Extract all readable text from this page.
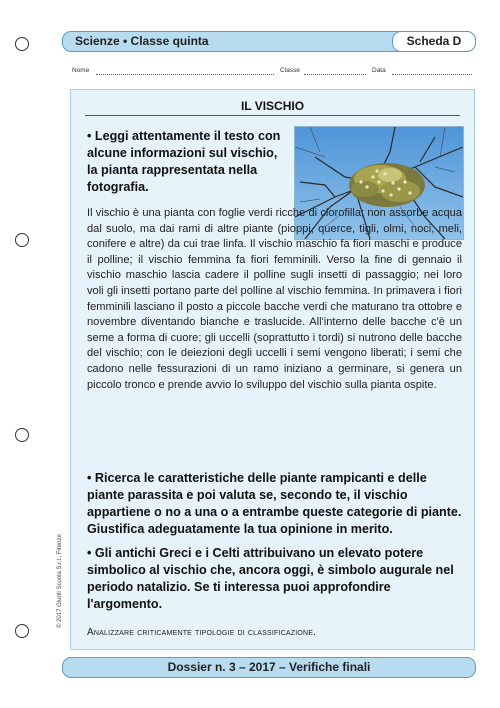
Scienze • Classe quinta	Scheda D
Nome	Classe	Data
IL VISCHIO
• Leggi attentamente il testo con alcune informazioni sul vischio, la pianta rappresentata nella fotografia.

Il vischio è una pianta con foglie verdi ricche di clorofilla; non assorbe acqua dal suolo, ma dai rami di altre piante (pioppi, querce, tigli, olmi, noci, meli, conifere e altre) da cui trae linfa. Il vischio maschio fa fiori maschi e produce il polline; il vischio femmina fa fiori femminili. Verso la fine di gennaio il vischio maschio lascia cadere il polline sugli insetti di passaggio; nei loro voli gli insetti portano parte del polline al vischio femmina. In primavera i fiori femminili lasciano il posto a piccole bacche verdi che maturano tra ottobre e novembre diventando bianche e traslucide. All'interno delle bacche c'è un seme a forma di cuore; gli uccelli (soprattutto i tordi) si nutrono delle bacche del vischio; con le deiezioni degli uccelli i semi vengono liberati; i semi che cadono nelle fessurazioni di un ramo iniziano a germinare, si genera un piccolo tronco e prende avvio lo sviluppo del vischio sulla pianta ospite.

• Ricerca le caratteristiche delle piante rampicanti e delle piante parassita e poi valuta se, secondo te, il vischio appartiene o no a una o a entrambe queste categorie di piante. Giustifica adeguatamente la tua opinione in merito.
• Gli antichi Greci e i Celti attribuivano un elevato potere simbolico al vischio che, ancora oggi, è simbolo augurale nel periodo natalizio. Se ti interessa puoi approfondire l'argomento.
Analizzare criticamente tipologie di classificazione.
© 2017 Giunti Scuola S.r.l., Firenze
Dossier n. 3 – 2017 – Verifiche finali
